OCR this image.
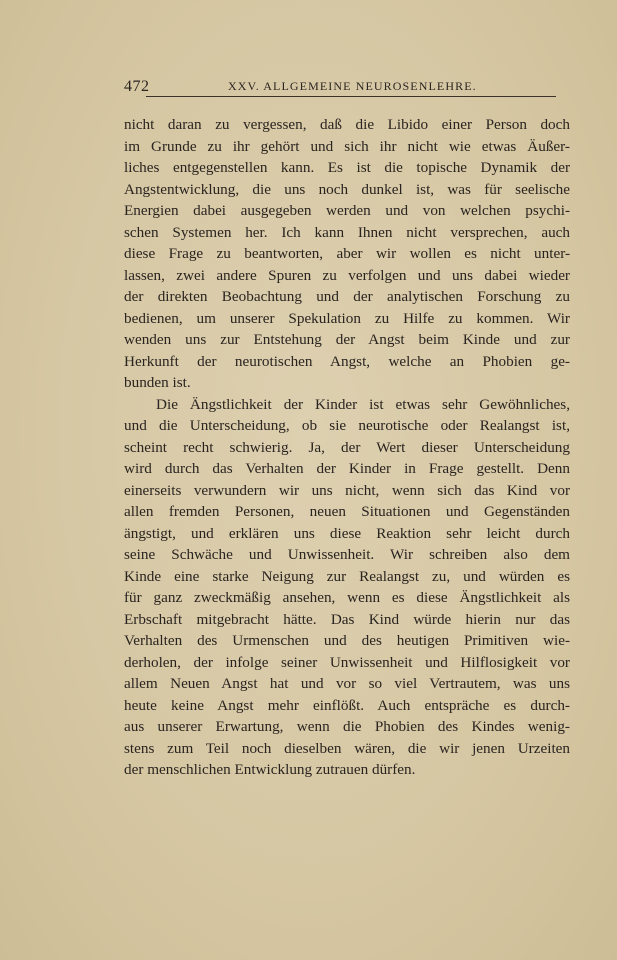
472	XXV. ALLGEMEINE NEUROSENLEHRE.
nicht daran zu vergessen, daß die Libido einer Person doch
im Grunde zu ihr gehört und sich ihr nicht wie etwas Äußer-
liches entgegenstellen kann. Es ist die topische Dynamik der
Angstentwicklung, die uns noch dunkel ist, was für seelische
Energien dabei ausgegeben werden und von welchen psychi-
schen Systemen her. Ich kann Ihnen nicht versprechen, auch
diese Frage zu beantworten, aber wir wollen es nicht unter-
lassen, zwei andere Spuren zu verfolgen und uns dabei wieder
der direkten Beobachtung und der analytischen Forschung zu
bedienen, um unserer Spekulation zu Hilfe zu kommen. Wir
wenden uns zur Entstehung der Angst beim Kinde und zur
Herkunft der neurotischen Angst, welche an Phobien ge-
bunden ist.
Die Ängstlichkeit der Kinder ist etwas sehr Gewöhnliches,
und die Unterscheidung, ob sie neurotische oder Realangst ist,
scheint recht schwierig. Ja, der Wert dieser Unterscheidung
wird durch das Verhalten der Kinder in Frage gestellt. Denn
einerseits verwundern wir uns nicht, wenn sich das Kind vor
allen fremden Personen, neuen Situationen und Gegenständen
ängstigt, und erklären uns diese Reaktion sehr leicht durch
seine Schwäche und Unwissenheit. Wir schreiben also dem
Kinde eine starke Neigung zur Realangst zu, und würden es
für ganz zweckmäßig ansehen, wenn es diese Ängstlichkeit als
Erbschaft mitgebracht hätte. Das Kind würde hierin nur das
Verhalten des Urmenschen und des heutigen Primitiven wie-
derholen, der infolge seiner Unwissenheit und Hilflosigkeit vor
allem Neuen Angst hat und vor so viel Vertrautem, was uns
heute keine Angst mehr einflößt. Auch entspräche es durch-
aus unserer Erwartung, wenn die Phobien des Kindes wenig-
stens zum Teil noch dieselben wären, die wir jenen Urzeiten
der menschlichen Entwicklung zutrauen dürfen.
